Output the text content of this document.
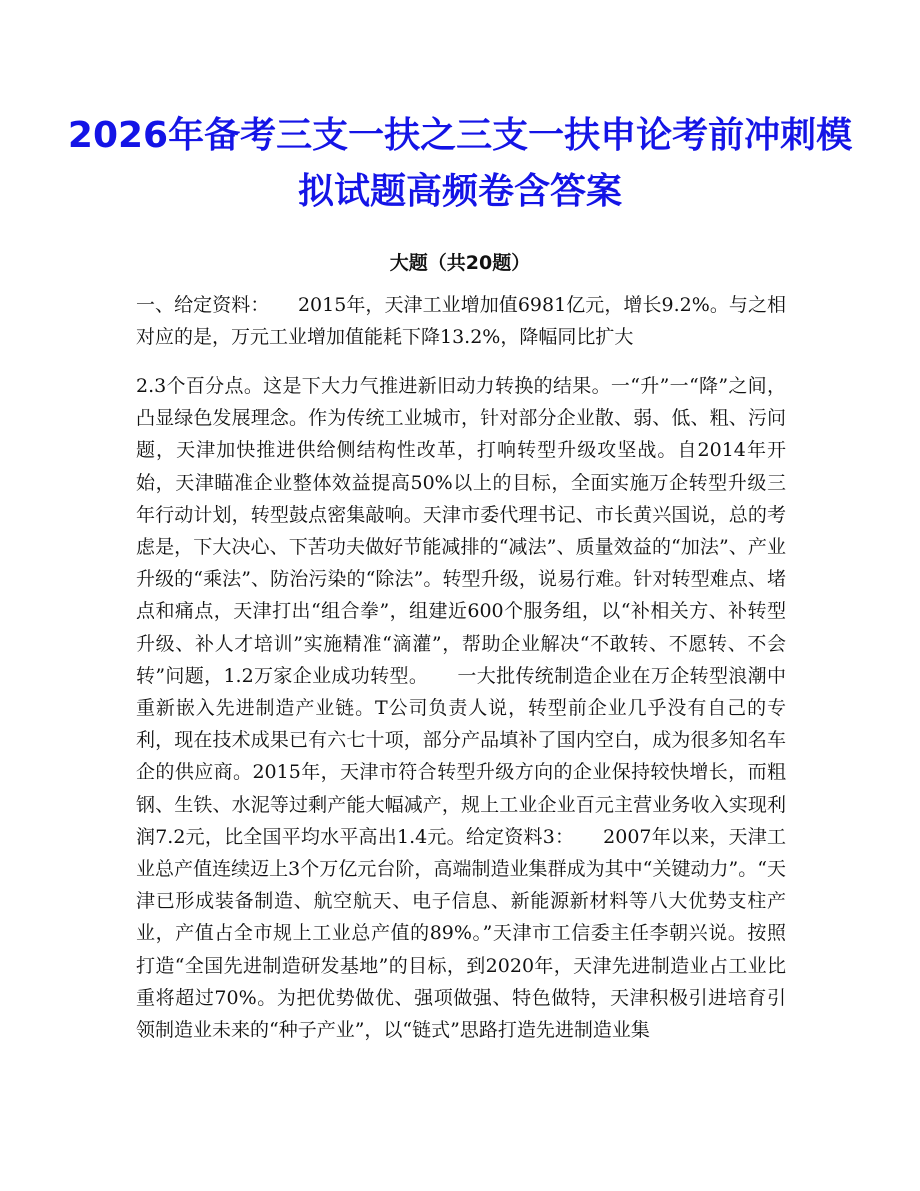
2026年备考三支一扶之三支一扶申论考前冲刺模拟试题高频卷含答案
大题（共20题）

一、给定资料：　　2015年，天津工业增加值6981亿元，增长9.2%。与之相对应的是，万元工业增加值能耗下降13.2%，降幅同比扩大

2.3个百分点。这是下大力气推进新旧动力转换的结果。一“升”一“降”之间，凸显绿色发展理念。作为传统工业城市，针对部分企业散、弱、低、粗、污问题，天津加快推进供给侧结构性改革，打响转型升级攻坚战。自2014年开始，天津瞄准企业整体效益提高50%以上的目标，全面实施万企转型升级三年行动计划，转型鼓点密集敲响。天津市委代理书记、市长黄兴国说，总的考虑是，下大决心、下苦功夫做好节能减排的“减法”、质量效益的“加法”、产业升级的“乘法”、防治污染的“除法”。转型升级，说易行难。针对转型难点、堵点和痛点，天津打出“组合拳”，组建近600个服务组，以“补相关方、补转型升级、补人才培训”实施精准“滴灌”，帮助企业解决“不敢转、不愿转、不会转”问题，1.2万家企业成功转型。　　一大批传统制造企业在万企转型浪潮中重新嵌入先进制造产业链。T公司负责人说，转型前企业几乎没有自己的专利，现在技术成果已有六七十项，部分产品填补了国内空白，成为很多知名车企的供应商。2015年，天津市符合转型升级方向的企业保持较快增长，而粗钢、生铁、水泥等过剩产能大幅减产，规上工业企业百元主营业务收入实现利润7.2元，比全国平均水平高出1.4元。给定资料3：　　2007年以来，天津工业总产值连续迈上3个万亿元台阶，高端制造业集群成为其中“关键动力”。“天津已形成装备制造、航空航天、电子信息、新能源新材料等八大优势支柱产业，产值占全市规上工业总产值的89%。”天津市工信委主任李朝兴说。按照打造“全国先进制造研发基地”的目标，到2020年，天津先进制造业占工业比重将超过70%。为把优势做优、强项做强、特色做特，天津积极引进培育引领制造业未来的“种子产业”，以“链式”思路打造先进制造业集
